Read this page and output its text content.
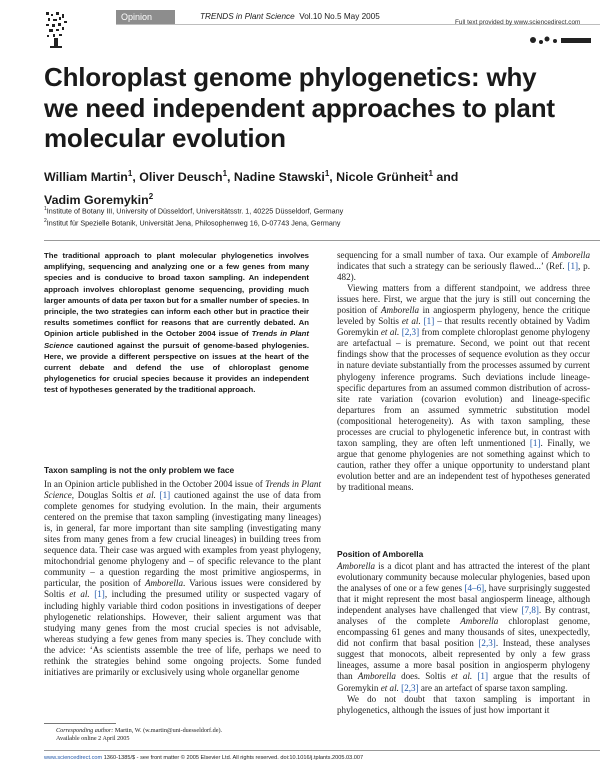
Opinion	TRENDS in Plant Science Vol.10 No.5 May 2005
Full text provided by www.sciencedirect.com
Chloroplast genome phylogenetics: why we need independent approaches to plant molecular evolution
William Martin$^1$, Oliver Deusch$^1$, Nadine Stawski$^1$, Nicole Grünheit$^1$ and
Vadim Goremykin$^2$
$^1$Institute of Botany III, University of Düsseldorf, Universitätsstr. 1, 40225 Düsseldorf, Germany
$^2$Institut für Spezielle Botanik, Universität Jena, Philosophenweg 16, D-07743 Jena, Germany
The traditional approach to plant molecular phylogenetics involves amplifying, sequencing and analyzing one or a few genes from many species and is conducive to broad taxon sampling. An independent approach involves chloroplast genome sequencing, providing much larger amounts of data per taxon but for a smaller number of species. In principle, the two strategies can inform each other but in practice their results sometimes conflict for reasons that are currently debated. An Opinion article published in the October 2004 issue of Trends in Plant Science cautioned against the pursuit of genome-based phylogenies. Here, we provide a different perspective on issues at the heart of the current debate and defend the use of chloroplast genome phylogenetics for crucial species because it provides an independent test of hypotheses generated by the traditional approach.
Taxon sampling is not the only problem we face

In an Opinion article published in the October 2004 issue of Trends in Plant Science, Douglas Soltis et al. [1] cautioned against the use of data from complete genomes for studying evolution. In the main, their arguments centered on the premise that taxon sampling (investigating many lineages) is, in general, far more important than site sampling (investigating many sites from many genes from a few crucial lineages) in building trees from sequence data. Their case was argued with examples from yeast phylogeny, mitochondrial genome phylogeny and – of specific relevance to the plant community – a question regarding the most primitive angiosperms, in particular, the position of Amborella. Various issues were considered by Soltis et al. [1], including the presumed utility or suspected vagary of including highly variable third codon positions in investigations of deeper phylogenetic relationships. However, their salient argument was that studying many genes from the most crucial species is not advisable, whereas studying a few genes from many species is. They conclude with the advice: ‘As scientists assemble the tree of life, perhaps we need to rethink the strategies behind some ongoing projects. Some funded initiatives are primarily or exclusively using whole organellar genome

Corresponding author: Martin, W. (w.martin@uni-duesseldorf.de).
Available online 2 April 2005

sequencing for a small number of taxa. Our example of Amborella indicates that such a strategy can be seriously flawed...’ (Ref. [1], p. 482).

Viewing matters from a different standpoint, we address three issues here. First, we argue that the jury is still out concerning the position of Amborella in angiosperm phylogeny, hence the critique leveled by Soltis et al. [1] – that results recently obtained by Vadim Goremykin et al. [2,3] from complete chloroplast genome phylogeny are artefactual – is premature. Second, we point out that recent findings show that the processes of sequence evolution as they occur in nature deviate substantially from the processes assumed by current phylogeny inference programs. Such deviations include lineage-specific departures from an assumed common distribution of across-site rate variation (covarion evolution) and lineage-specific departures from an assumed symmetric substitution model (compositional heterogeneity). As with taxon sampling, these processes are crucial to phylogenetic inference but, in contrast with taxon sampling, they are often left unmentioned [1]. Finally, we argue that genome phylogenies are not something against which to caution, rather they offer a unique opportunity to understand plant evolution better and are an independent test of hypotheses generated by traditional means.

Position of Amborella

Amborella is a dicot plant and has attracted the interest of the plant evolutionary community because molecular phylogenies, based upon the analyses of one or a few genes [4–6], have surprisingly suggested that it might represent the most basal angiosperm lineage, although independent analyses have challenged that view [7,8]. By contrast, analyses of the complete Amborella chloroplast genome, encompassing 61 genes and many thousands of sites, unexpectedly, did not confirm that basal position [2,3]. Instead, these analyses suggest that monocots, albeit represented by only a few grass lineages, assume a more basal position in angiosperm phylogeny than Amborella does. Soltis et al. [1] argue that the results of Goremykin et al. [2,3] are an artefact of sparse taxon sampling.

We do not doubt that taxon sampling is important in phylogenetics, although the issues of just how important it

www.sciencedirect.com 1360-1385/$ - see front matter © 2005 Elsevier Ltd. All rights reserved. doi:10.1016/j.tplants.2005.03.007
